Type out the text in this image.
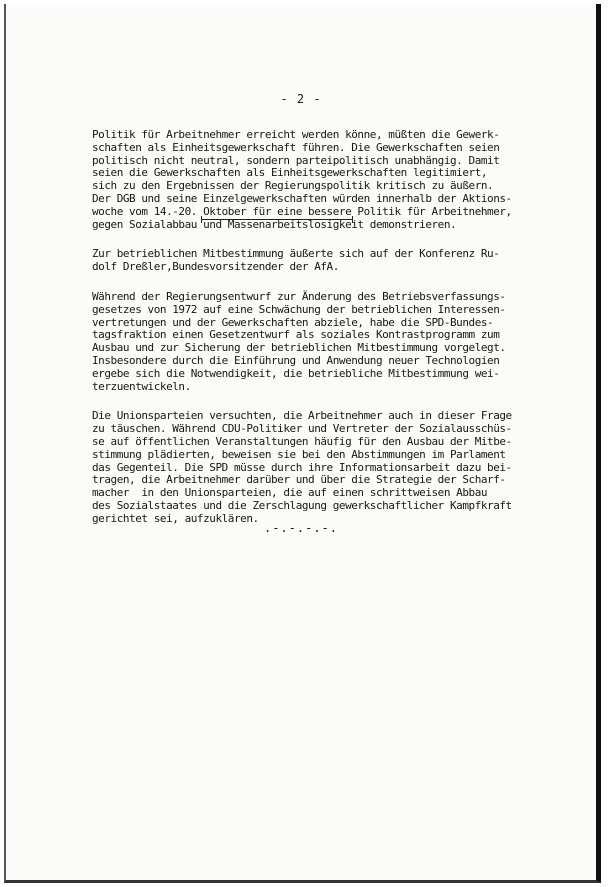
- 2 -

Politik für Arbeitnehmer erreicht werden könne, müßten die Gewerk-
schaften als Einheitsgewerkschaft führen. Die Gewerkschaften seien
politisch nicht neutral, sondern parteipolitisch unabhängig. Damit
seien die Gewerkschaften als Einheitsgewerkschaften legitimiert,
sich zu den Ergebnissen der Regierungspolitik kritisch zu äußern.
Der DGB und seine Einzelgewerkschaften würden innerhalb der Aktions-
woche vom 14.-20. Oktober für eine bessere Politik für Arbeitnehmer,
gegen Sozialabbau und Massenarbeitslosigkeit demonstrieren.

Zur betrieblichen Mitbestimmung äußerte sich auf der Konferenz Ru-
dolf Dreßler,Bundesvorsitzender der AfA.

Während der Regierungsentwurf zur Änderung des Betriebsverfassungs-
gesetzes von 1972 auf eine Schwächung der betrieblichen Interessen-
vertretungen und der Gewerkschaften abziele, habe die SPD-Bundes-
tagsfraktion einen Gesetzentwurf als soziales Kontrastprogramm zum
Ausbau und zur Sicherung der betrieblichen Mitbestimmung vorgelegt.
Insbesondere durch die Einführung und Anwendung neuer Technologien
ergebe sich die Notwendigkeit, die betriebliche Mitbestimmung wei-
terzuentwickeln.

Die Unionsparteien versuchten, die Arbeitnehmer auch in dieser Frage
zu täuschen. Während CDU-Politiker und Vertreter der Sozialausschüs-
se auf öffentlichen Veranstaltungen häufig für den Ausbau der Mitbe-
stimmung plädierten, beweisen sie bei den Abstimmungen im Parlament
das Gegenteil. Die SPD müsse durch ihre Informationsarbeit dazu bei-
tragen, die Arbeitnehmer darüber und über die Strategie der Scharf-
macher  in den Unionsparteien, die auf einen schrittweisen Abbau
des Sozialstaates und die Zerschlagung gewerkschaftlicher Kampfkraft
gerichtet sei, aufzuklären.

.-.-.-.-.
